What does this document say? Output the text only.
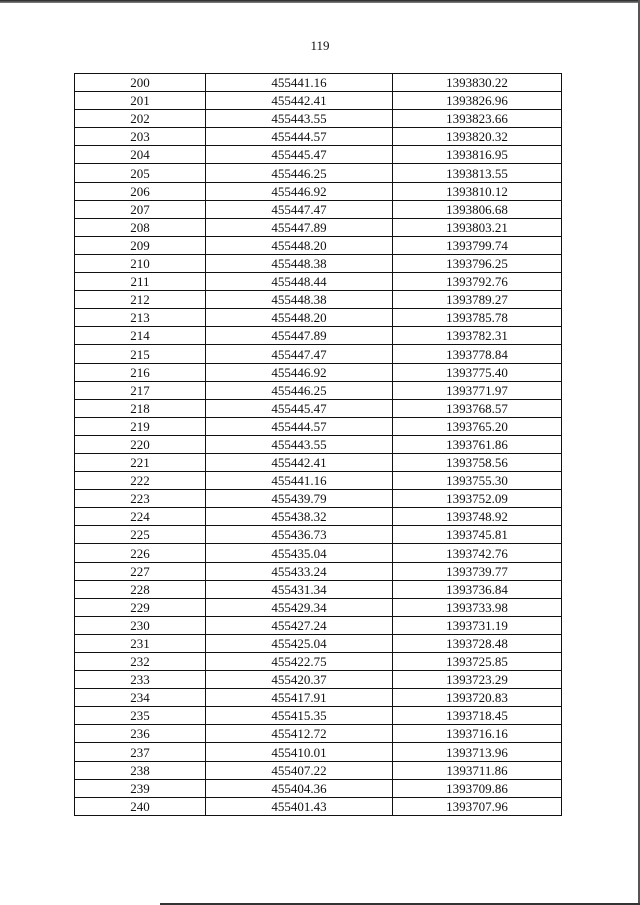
119
200	455441.16	1393830.22
201	455442.41	1393826.96
202	455443.55	1393823.66
203	455444.57	1393820.32
204	455445.47	1393816.95
205	455446.25	1393813.55
206	455446.92	1393810.12
207	455447.47	1393806.68
208	455447.89	1393803.21
209	455448.20	1393799.74
210	455448.38	1393796.25
211	455448.44	1393792.76
212	455448.38	1393789.27
213	455448.20	1393785.78
214	455447.89	1393782.31
215	455447.47	1393778.84
216	455446.92	1393775.40
217	455446.25	1393771.97
218	455445.47	1393768.57
219	455444.57	1393765.20
220	455443.55	1393761.86
221	455442.41	1393758.56
222	455441.16	1393755.30
223	455439.79	1393752.09
224	455438.32	1393748.92
225	455436.73	1393745.81
226	455435.04	1393742.76
227	455433.24	1393739.77
228	455431.34	1393736.84
229	455429.34	1393733.98
230	455427.24	1393731.19
231	455425.04	1393728.48
232	455422.75	1393725.85
233	455420.37	1393723.29
234	455417.91	1393720.83
235	455415.35	1393718.45
236	455412.72	1393716.16
237	455410.01	1393713.96
238	455407.22	1393711.86
239	455404.36	1393709.86
240	455401.43	1393707.96
